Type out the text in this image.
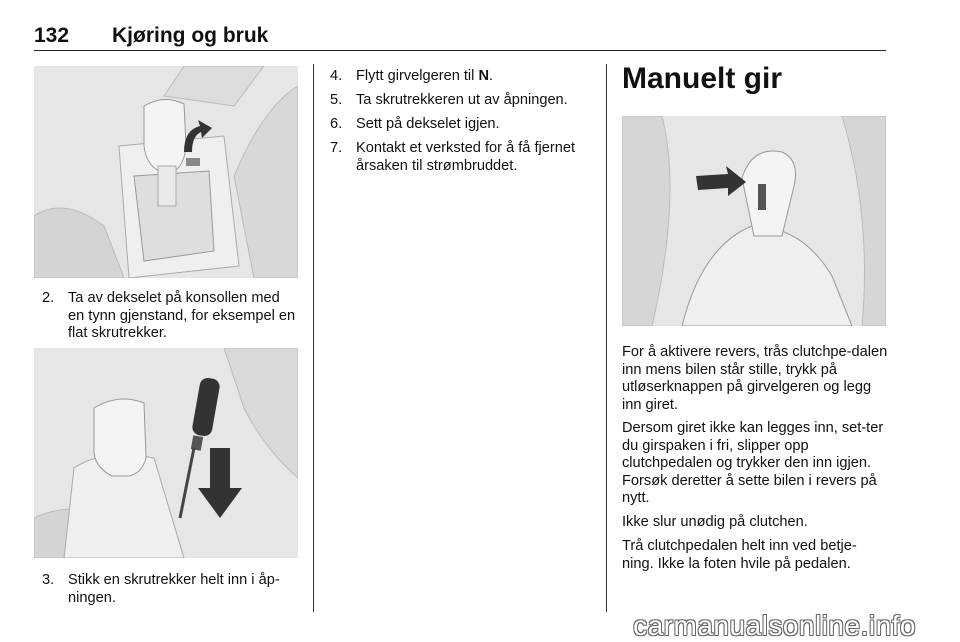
132 Kjøring og bruk
2. Ta av dekselet på konsollen med en tynn gjenstand, for eksempel en flat skrutrekker.
3. Stikk en skrutrekker helt inn i åp-ningen.
4. Flytt girvelgeren til N.
5. Ta skrutrekkeren ut av åpningen.
6. Sett på dekselet igjen.
7. Kontakt et verksted for å få fjernet årsaken til strømbruddet.
Manuelt gir
For å aktivere revers, trås clutchpe-dalen inn mens bilen står stille, trykk på utløserknappen på girvelgeren og legg inn giret.
Dersom giret ikke kan legges inn, set-ter du girspaken i fri, slipper opp clutchpedalen og trykker den inn igjen. Forsøk deretter å sette bilen i revers på nytt.
Ikke slur unødig på clutchen.
Trå clutchpedalen helt inn ved betje-ning. Ikke la foten hvile på pedalen.
carmanualsonline.info
